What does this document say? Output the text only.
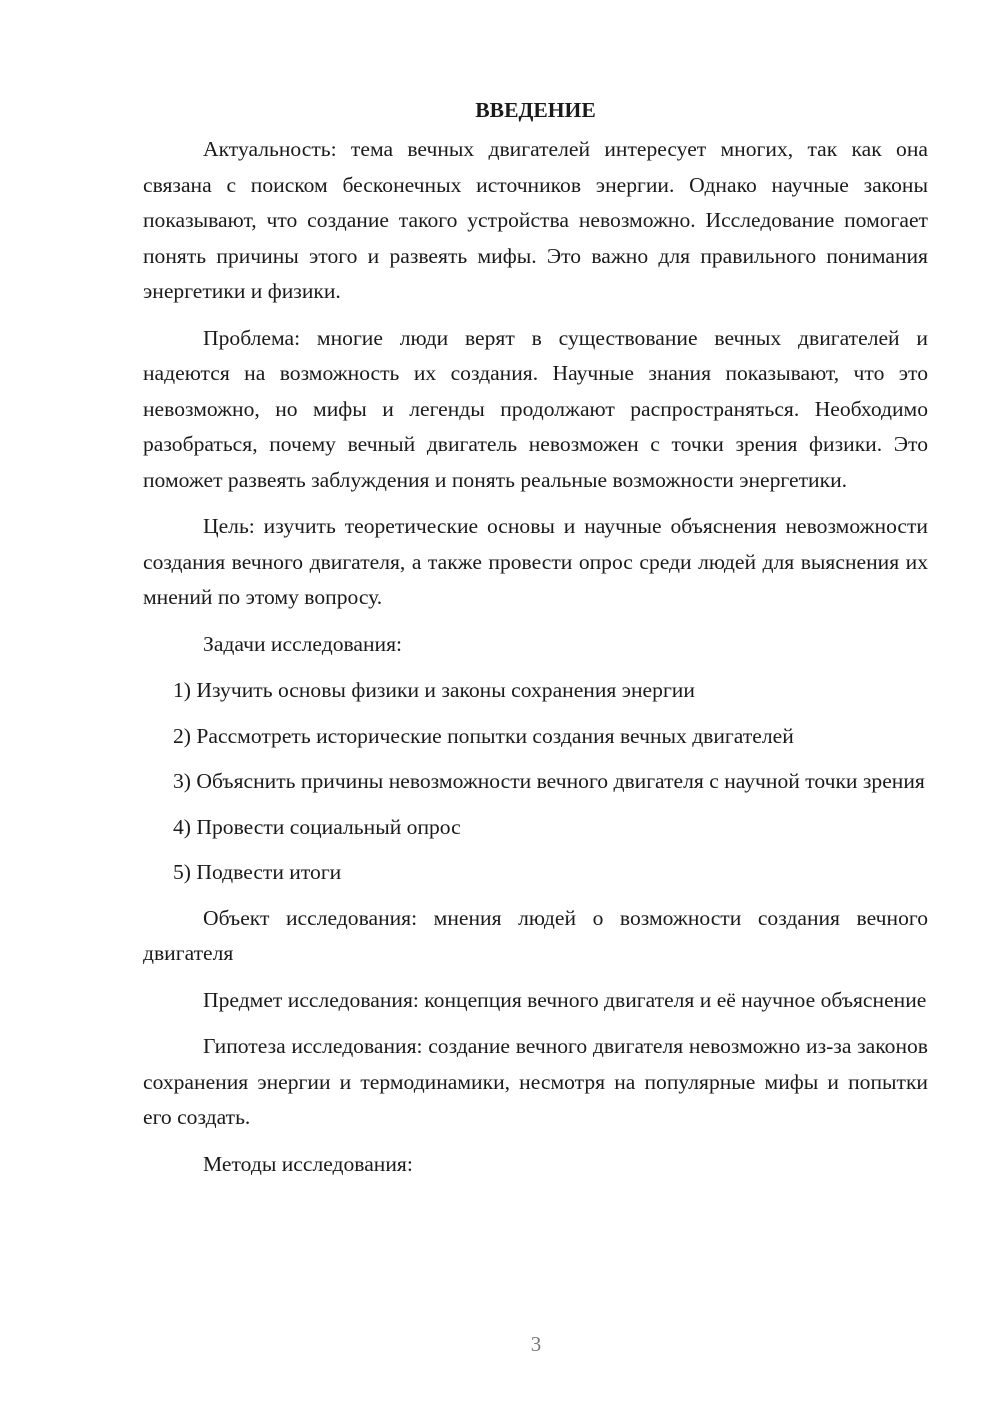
ВВЕДЕНИЕ

Актуальность: тема вечных двигателей интересует многих, так как она связана с поиском бесконечных источников энергии. Однако научные законы показывают, что создание такого устройства невозможно. Исследование помогает понять причины этого и развеять мифы. Это важно для правильного понимания энергетики и физики.

Проблема: многие люди верят в существование вечных двигателей и надеются на возможность их создания. Научные знания показывают, что это невозможно, но мифы и легенды продолжают распространяться. Необходимо разобраться, почему вечный двигатель невозможен с точки зрения физики. Это поможет развеять заблуждения и понять реальные возможности энергетики.

Цель: изучить теоретические основы и научные объяснения невозможности создания вечного двигателя, а также провести опрос среди людей для выяснения их мнений по этому вопросу.

Задачи исследования:

1) Изучить основы физики и законы сохранения энергии

2) Рассмотреть исторические попытки создания вечных двигателей

3) Объяснить причины невозможности вечного двигателя с научной точки зрения

4) Провести социальный опрос

5) Подвести итоги

Объект исследования: мнения людей о возможности создания вечного двигателя

Предмет исследования: концепция вечного двигателя и её научное объяснение

Гипотеза исследования: создание вечного двигателя невозможно из-за законов сохранения энергии и термодинамики, несмотря на популярные мифы и попытки его создать.

Методы исследования:

3
